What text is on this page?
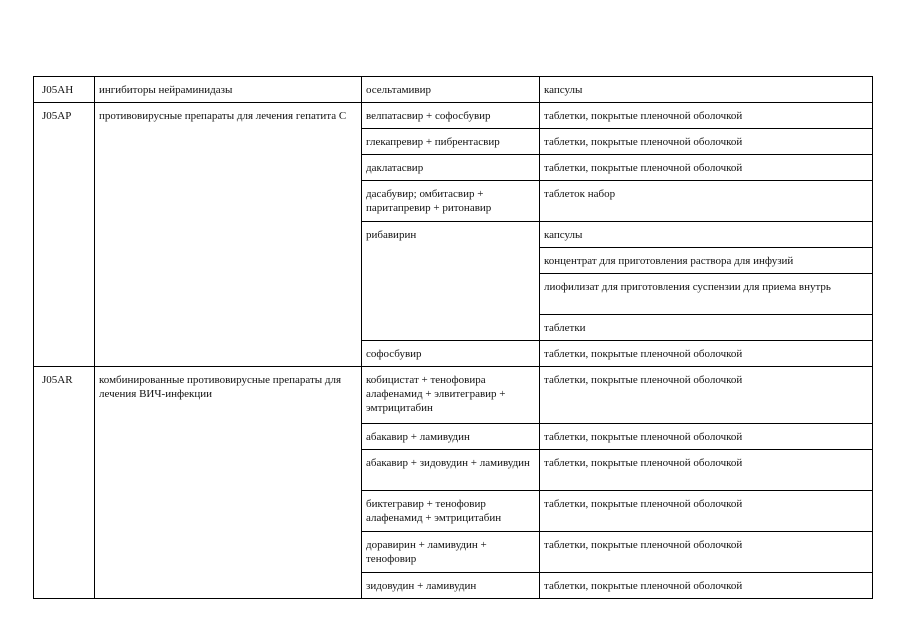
J05AH	ингибиторы нейраминидазы	осельтамивир	капсулы
J05AP	противовирусные препараты для лечения гепатита С	велпатасвир + софосбувир	таблетки, покрытые пленочной оболочкой
		глекапревир + пибрентасвир	таблетки, покрытые пленочной оболочкой
		даклатасвир	таблетки, покрытые пленочной оболочкой
		дасабувир; омбитасвир + паритапревир + ритонавир	таблеток набор
		рибавирин	капсулы
			концентрат для приготовления раствора для инфузий
			лиофилизат для приготовления суспензии для приема внутрь
			таблетки
		софосбувир	таблетки, покрытые пленочной оболочкой
J05AR	комбинированные противовирусные препараты для лечения ВИЧ-инфекции	кобицистат + тенофовира алафенамид + элвитегравир + эмтрицитабин	таблетки, покрытые пленочной оболочкой
		абакавир + ламивудин	таблетки, покрытые пленочной оболочкой
		абакавир + зидовудин + ламивудин	таблетки, покрытые пленочной оболочкой
		биктегравир + тенофовир алафенамид + эмтрицитабин	таблетки, покрытые пленочной оболочкой
		доравирин + ламивудин + тенофовир	таблетки, покрытые пленочной оболочкой
		зидовудин + ламивудин	таблетки, покрытые пленочной оболочкой
